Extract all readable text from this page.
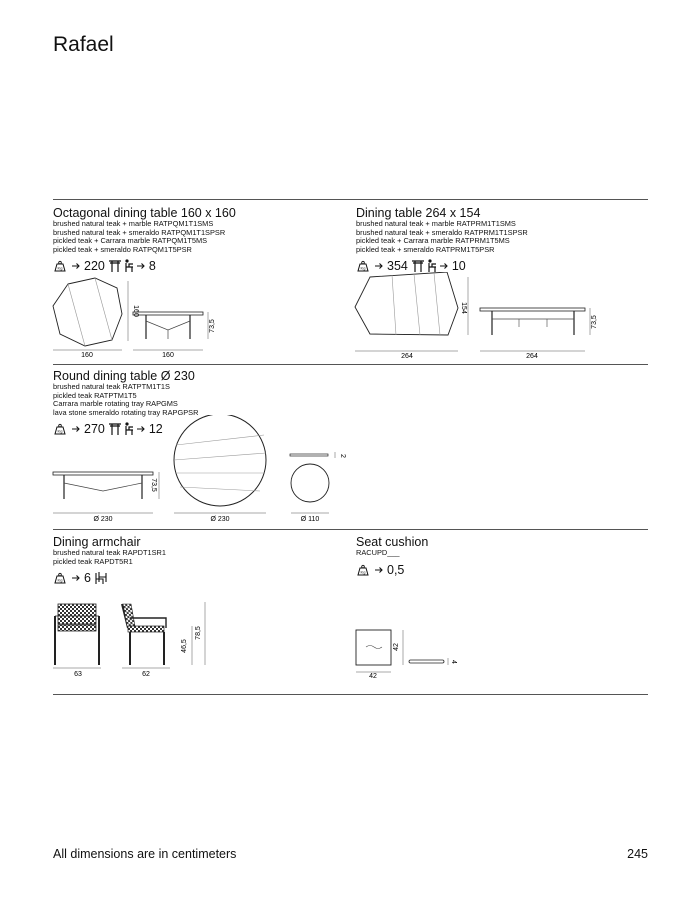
Rafael
Octagonal dining table 160 x 160
brushed natural teak + marble RATPQM1T1SMS
brushed natural teak + smeraldo RATPQM1T1SPSR
pickled teak + Carrara marble RATPQM1T5MS
pickled teak + smeraldo RATPQM1T5PSR
220	8
160
160
160
73,5
Dining table 264 x 154
brushed natural teak + marble RATPRM1T1SMS
brushed natural teak + smeraldo RATPRM1T1SPSR
pickled teak + Carrara marble RATPRM1T5MS
pickled teak + smeraldo RATPRM1T5PSR
354	10
264
154
264
73,5
Round dining table Ø 230
brushed natural teak RATPTM1T1S
pickled teak RATPTM1T5
Carrara marble rotating tray RAPGMS
lava stone smeraldo rotating tray RAPGPSR
270	12
Ø 230
73,5
Ø 230
2
Ø 110
Dining armchair
brushed natural teak RAPDT1SR1
pickled teak RAPDT5R1
6
63	62
46,5
78,5
Seat cushion
RACUPD___
0,5
42
42
4
All dimensions are in centimeters	245
